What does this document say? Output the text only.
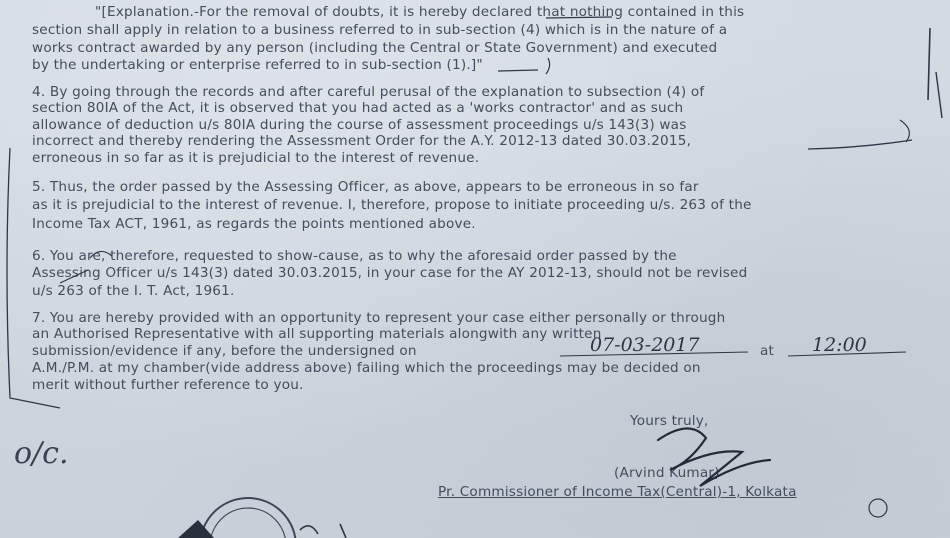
"[Explanation.-For the removal of doubts, it is hereby declared that nothing contained in this
section shall apply in relation to a business referred to in sub-section (4) which is in the nature of a
works contract awarded by any person (including the Central or State Government) and executed
by the undertaking or enterprise referred to in sub-section (1).]"
4. By going through the records and after careful perusal of the explanation to subsection (4) of
section 80IA of the Act, it is observed that you had acted as a 'works contractor' and as such
allowance of deduction u/s 80IA during the course of assessment proceedings u/s 143(3) was
incorrect and thereby rendering the Assessment Order for the A.Y. 2012-13 dated 30.03.2015,
erroneous in so far as it is prejudicial to the interest of revenue.
5. Thus, the order passed by the Assessing Officer, as above, appears to be erroneous in so far
as it is prejudicial to the interest of revenue. I, therefore, propose to initiate proceeding u/s. 263 of the
Income Tax ACT, 1961, as regards the points mentioned above.
6. You are, therefore, requested to show-cause, as to why the aforesaid order passed by the
Assessing Officer u/s 143(3) dated 30.03.2015, in your case for the AY 2012-13, should not be revised
u/s 263 of the I. T. Act, 1961.
7. You are hereby provided with an opportunity to represent your case either personally or through
an Authorised Representative with all supporting materials alongwith any written
submission/evidence if any, before the undersigned on	at
A.M./P.M. at my chamber(vide address above) failing which the proceedings may be decided on
merit without further reference to you.
07-03-2017	12:00
o/c.
Yours truly,
(Arvind Kumar)
Pr. Commissioner of Income Tax(Central)-1, Kolkata
